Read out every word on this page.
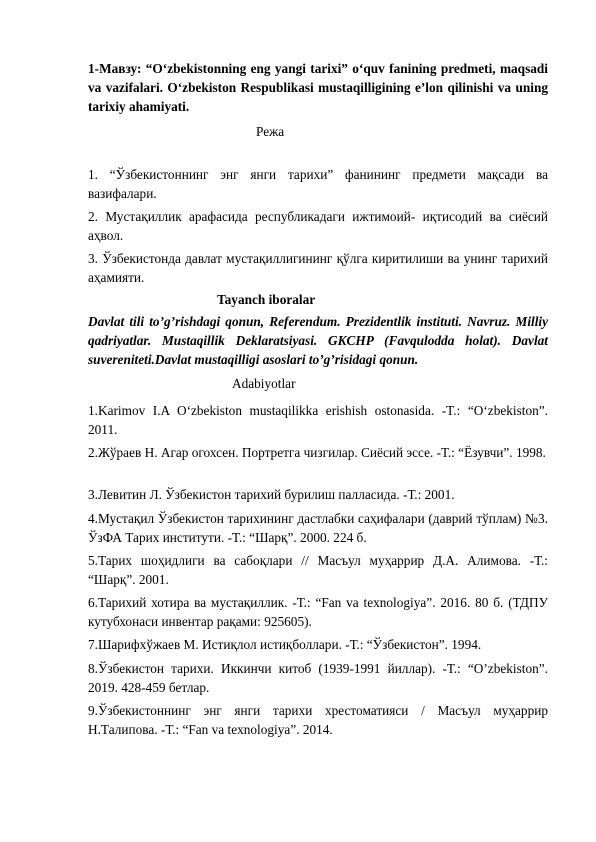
1-Мавзу: “O‘zbekistonning eng yangi tarixi” o‘quv fanining predmeti, maqsadi va vazifalari. O‘zbekiston Respublikasi mustaqilligining e’lon qilinishi va uning tarixiy ahamiyati.
Режа
1. “Ўзбекистоннинг энг янги тарихи” фанининг предмети мақсади ва вазифалари.
2. Мустақиллик арафасида республикадаги ижтимоий- иқтисодий ва сиёсий аҳвол.
3. Ўзбекистонда давлат мустақиллигининг қўлга киритилиши ва унинг тарихий аҳамияти.
Tayanch iboralar
Davlat tili to’g’rishdagi qonun, Referendum. Prezidentlik instituti. Navruz. Milliy qadriyatlar. Mustaqillik Deklaratsiyasi. GKCHP (Favqulodda holat). Davlat suvereniteti.Davlat mustaqilligi asoslari to’g’risidagi qonun.
Adabiyotlar
1.Karimov I.A O‘zbekiston mustaqilikka erishish ostonasida. -T.: “O‘zbekiston”. 2011.
2.Жўраев Н. Агар огохсен. Портретга чизгилар. Сиёсий эссе. -Т.: “Ёзувчи”. 1998.
3.Левитин Л. Ўзбекистон тарихий бурилиш палласида. -Т.: 2001.
4.Мустақил Ўзбекистон тарихининг дастлабки саҳифалари (даврий тўплам) №3. ЎзФА Тарих институти. -Т.: “Шарқ”. 2000. 224 б.
5.Тарих шоҳидлиги ва сабоқлари // Масъул муҳаррир Д.А. Алимова. -Т.: “Шарқ”. 2001.
6.Тарихий хотира ва мустақиллик. -Т.: “Fan va texnologiya”. 2016. 80 б. (ТДПУ кутубхонаси инвентар рақами: 925605).
7.Шарифхўжаев М. Истиқлол истиқболлари. -Т.: “Ўзбекистон”. 1994.
8.Ўзбекистон тарихи. Иккинчи китоб (1939-1991 йиллар). -Т.: “O’zbekiston”. 2019. 428-459 бетлар.
9.Ўзбекистоннинг энг янги тарихи хрестоматияси / Масъул муҳаррир Н.Талипова. -Т.: “Fan va texnologiya”. 2014.
